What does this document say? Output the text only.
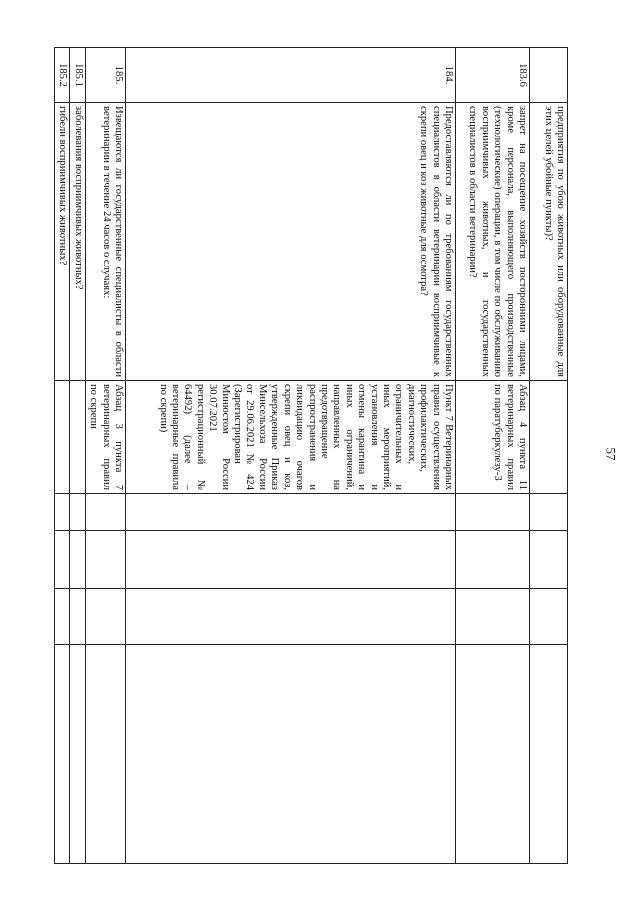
57
	предприятия по убою животных или оборудованные для этих целей убойные пункты)?					
183.6	запрет на посещение хозяйств посторонними лицами, кроме персонала, выполняющего производственные (технологические) операции, в том числе по обслуживанию восприимчивых животных, и государственных специалистов в области ветеринарии?	Абзац 4 пункта 11 ветеринарных правил по паратуберкулезу-3				
184.	Предоставляются ли по требованиям государственных специалистов в области ветеринарии восприимчивые к скрепи овец и коз животные для осмотра?	Пункт 7 Ветеринарных правил осуществления профилактических, диагностических, ограничительных и иных мероприятий, установления и отмены карантина и иных ограничений, направленных на предотвращение распространения и ликвидацию очагов скрепи овец и коз, утвержденные Приказ Минсельхоза России от 29.06.2021 № 424 (Зарегистрирован Минюстом России 30.07.2021 регистрационный № 64492) (далее – ветеринарные правила по скрепи)				
185.	Извещаются ли государственные специалисты в области ветеринарии в течение 24 часов о случаях:	Абзац 3 пункта 7 ветеринарных правил по скрепи				
185.1	заболевания восприимчивых животных?					
185.2	гибели восприимчивых животных?					
